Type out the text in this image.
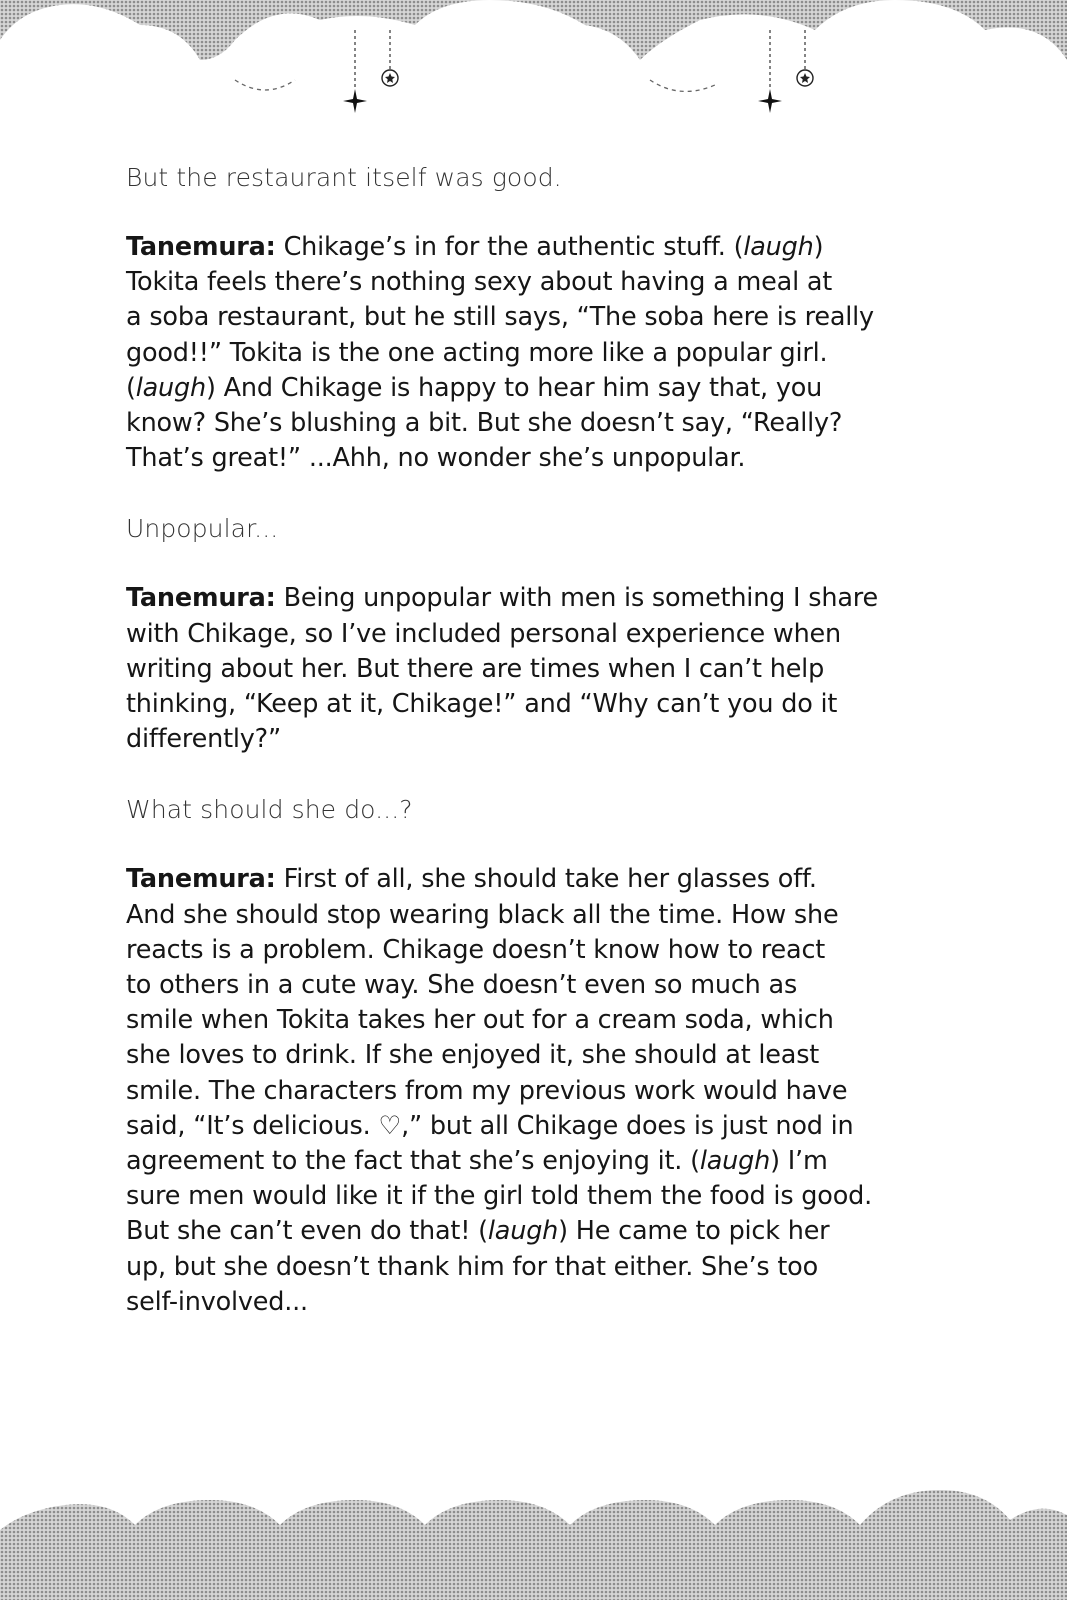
But the restaurant itself was good.

Tanemura: Chikage’s in for the authentic stuff. (laugh)
Tokita feels there’s nothing sexy about having a meal at
a soba restaurant, but he still says, “The soba here is really
good!!” Tokita is the one acting more like a popular girl.
(laugh) And Chikage is happy to hear him say that, you
know? She’s blushing a bit. But she doesn’t say, “Really?
That’s great!” ...Ahh, no wonder she’s unpopular.

Unpopular...

Tanemura: Being unpopular with men is something I share
with Chikage, so I’ve included personal experience when
writing about her. But there are times when I can’t help
thinking, “Keep at it, Chikage!” and “Why can’t you do it
differently?”

What should she do...?

Tanemura: First of all, she should take her glasses off.
And she should stop wearing black all the time. How she
reacts is a problem. Chikage doesn’t know how to react
to others in a cute way. She doesn’t even so much as
smile when Tokita takes her out for a cream soda, which
she loves to drink. If she enjoyed it, she should at least
smile. The characters from my previous work would have
said, “It’s delicious. ♡,” but all Chikage does is just nod in
agreement to the fact that she’s enjoying it. (laugh) I’m
sure men would like it if the girl told them the food is good.
But she can’t even do that! (laugh) He came to pick her
up, but she doesn’t thank him for that either. She’s too
self-involved...
